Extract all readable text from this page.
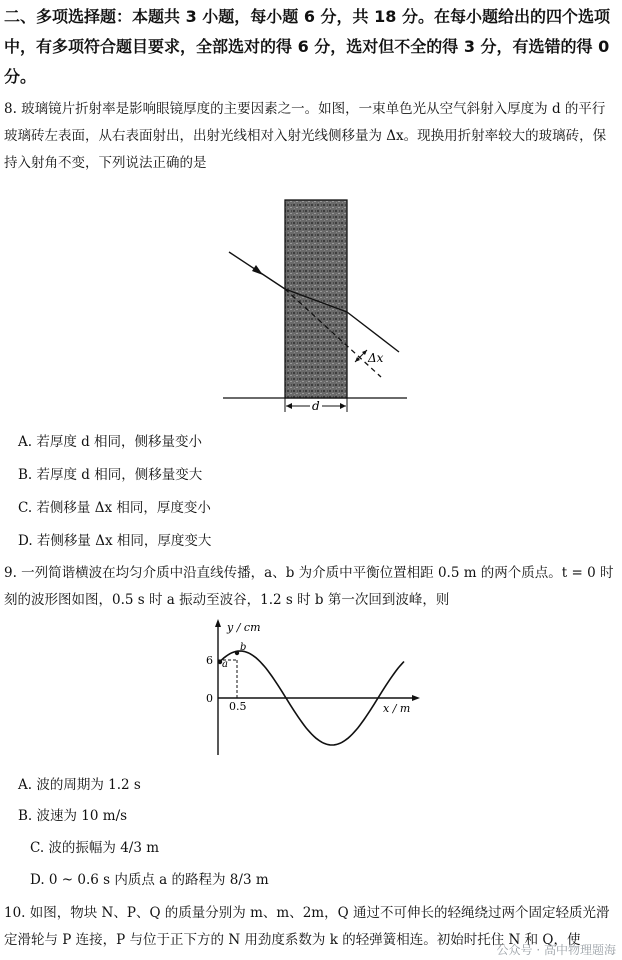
二、多项选择题：本题共 3 小题，每小题 6 分，共 18 分。在每小题给出的四个选项中，有多项符合题目要求，全部选对的得 6 分，选对但不全的得 3 分，有选错的得 0 分。

8. 玻璃镜片折射率是影响眼镜厚度的主要因素之一。如图，一束单色光从空气斜射入厚度为 d 的平行玻璃砖左表面，从右表面射出，出射光线相对入射光线侧移量为 Δx。现换用折射率较大的玻璃砖，保持入射角不变，下列说法正确的是

Δx
d

A. 若厚度 d 相同，侧移量变小

B. 若厚度 d 相同，侧移量变大

C. 若侧移量 Δx 相同，厚度变小

D. 若侧移量 Δx 相同，厚度变大

9. 一列简谐横波在均匀介质中沿直线传播，a、b 为介质中平衡位置相距 0.5 m 的两个质点。t = 0 时刻的波形图如图，0.5 s 时 a 振动至波谷，1.2 s 时 b 第一次回到波峰，则

y / cm
x / m
6
0
0.5
a
b

A. 波的周期为 1.2 s

B. 波速为 10 m/s

C. 波的振幅为 4/3 m

D. 0 ~ 0.6 s 内质点 a 的路程为 8/3 m

10. 如图，物块 N、P、Q 的质量分别为 m、m、2m，Q 通过不可伸长的轻绳绕过两个固定轻质光滑定滑轮与 P 连接，P 与位于正下方的 N 用劲度系数为 k 的轻弹簧相连。初始时托住 N 和 Q，使

公众号 · 高中物理题海
